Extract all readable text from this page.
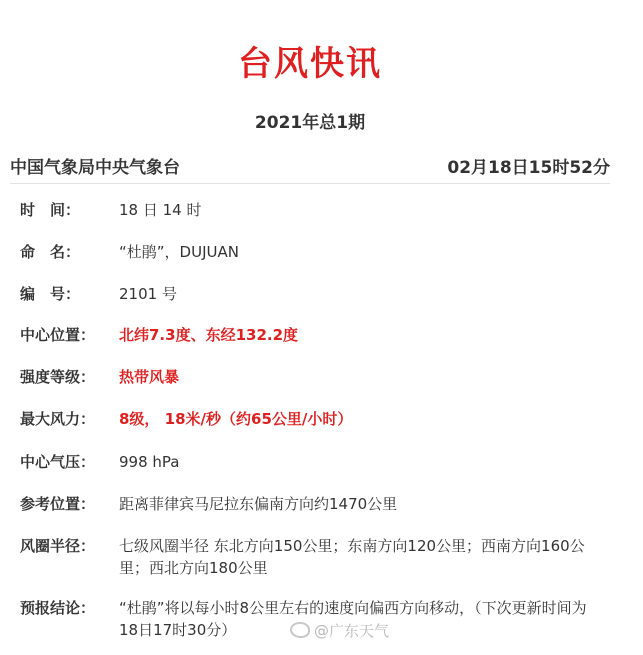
台风快讯
2021年总1期
中国气象局中央气象台	02月18日15时52分
时　间：	18 日 14 时
命　名：	“杜鹃”，DUJUAN
编　号：	2101 号
中心位置：	北纬7.3度、东经132.2度
强度等级：	热带风暴
最大风力：	8级， 18米/秒（约65公里/小时）
中心气压：	998 hPa
参考位置：	距离菲律宾马尼拉东偏南方向约1470公里
风圈半径：	七级风圈半径 东北方向150公里；东南方向120公里；西南方向160公里；西北方向180公里
预报结论：	“杜鹃”将以每小时8公里左右的速度向偏西方向移动，（下次更新时间为18日17时30分）	@广东天气
